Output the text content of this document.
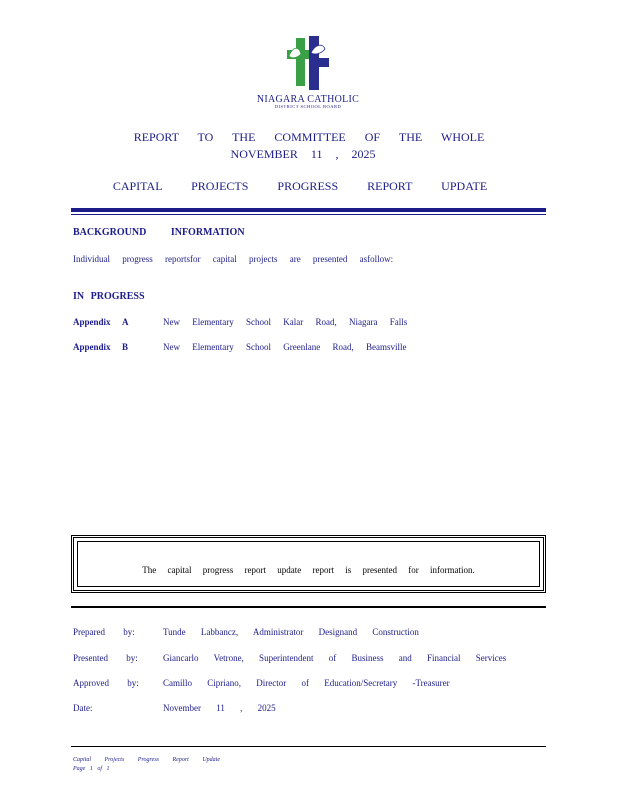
NIAGARA CATHOLIC
DISTRICT SCHOOL BOARD
REPORT TO THE COMMITTEE OF THE WHOLE
NOVEMBER 11 , 2025
CAPITAL PROJECTS PROGRESS REPORT UPDATE
BACKGROUND INFORMATION
Individual progress reportsfor capital projects are presented asfollow:
IN PROGRESS
Appendix A	New Elementary School Kalar Road, Niagara Falls
Appendix B	New Elementary School Greenlane Road, Beamsville
The capital progress report update report is presented for information.
Prepared by:	Tunde Labbancz, Administrator Designand Construction
Presented by:	Giancarlo Vetrone, Superintendent of Business and Financial Services
Approved by:	Camillo Cipriano, Director of Education/Secretary -Treasurer
Date:	November 11 , 2025
Capital Projects Progress Report Update
Page 1 of 1
